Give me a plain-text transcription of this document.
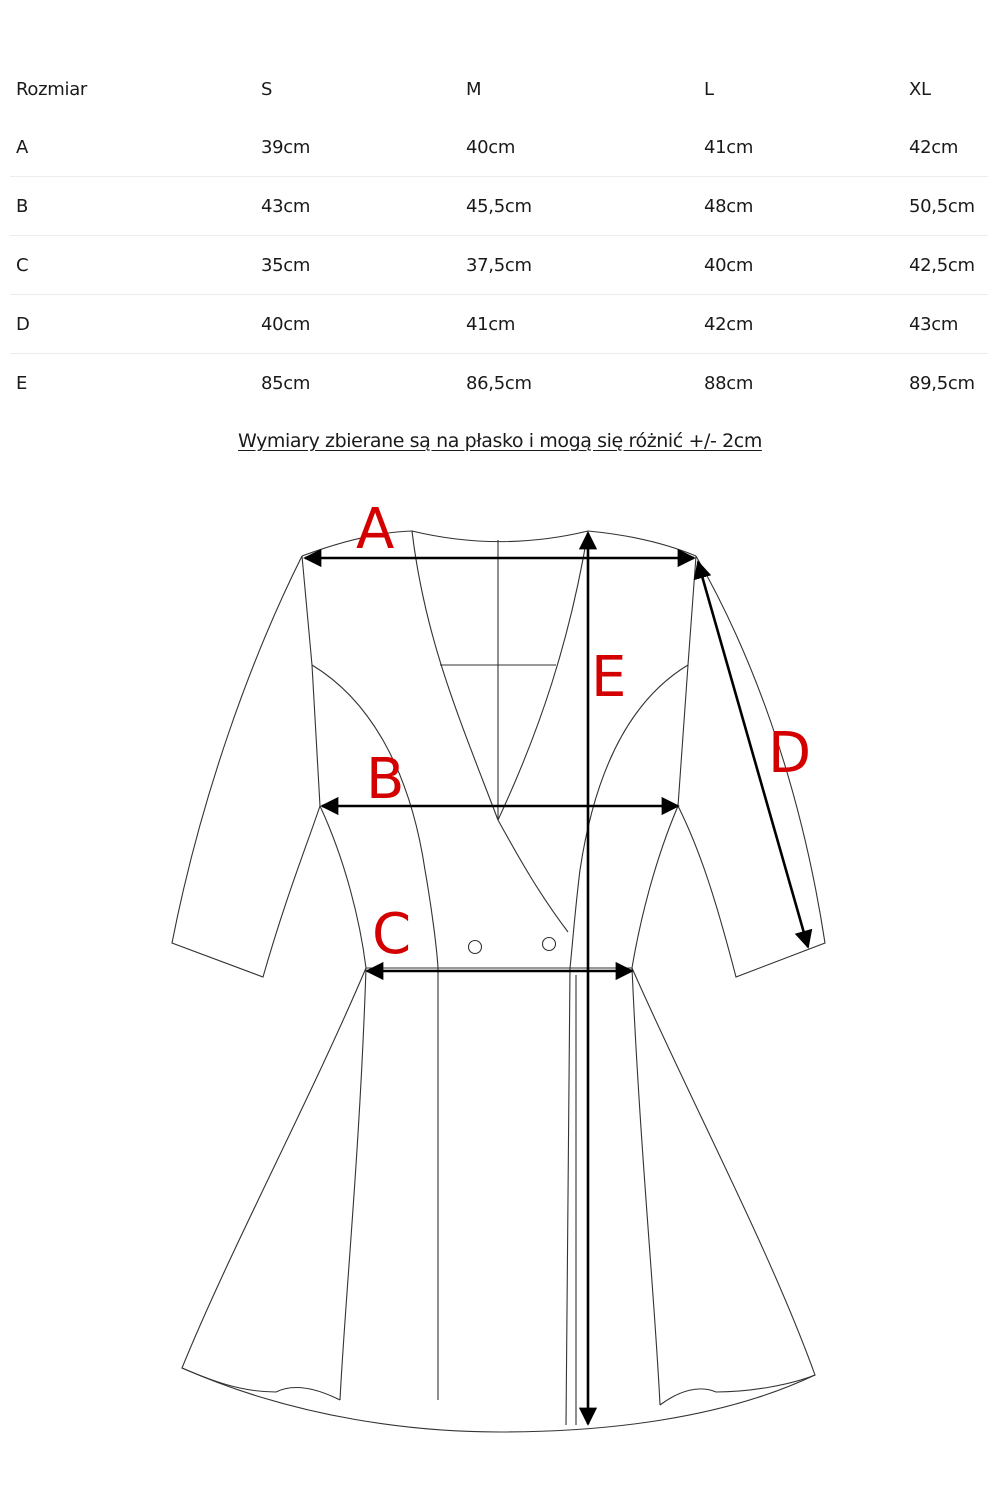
Rozmiar	S	M	L	XL
A	39cm	40cm	41cm	42cm
B	43cm	45,5cm	48cm	50,5cm
C	35cm	37,5cm	40cm	42,5cm
D	40cm	41cm	42cm	43cm
E	85cm	86,5cm	88cm	89,5cm
Wymiary zbierane są na płasko i mogą się różnić +/- 2cm
A
B
C
D
E
